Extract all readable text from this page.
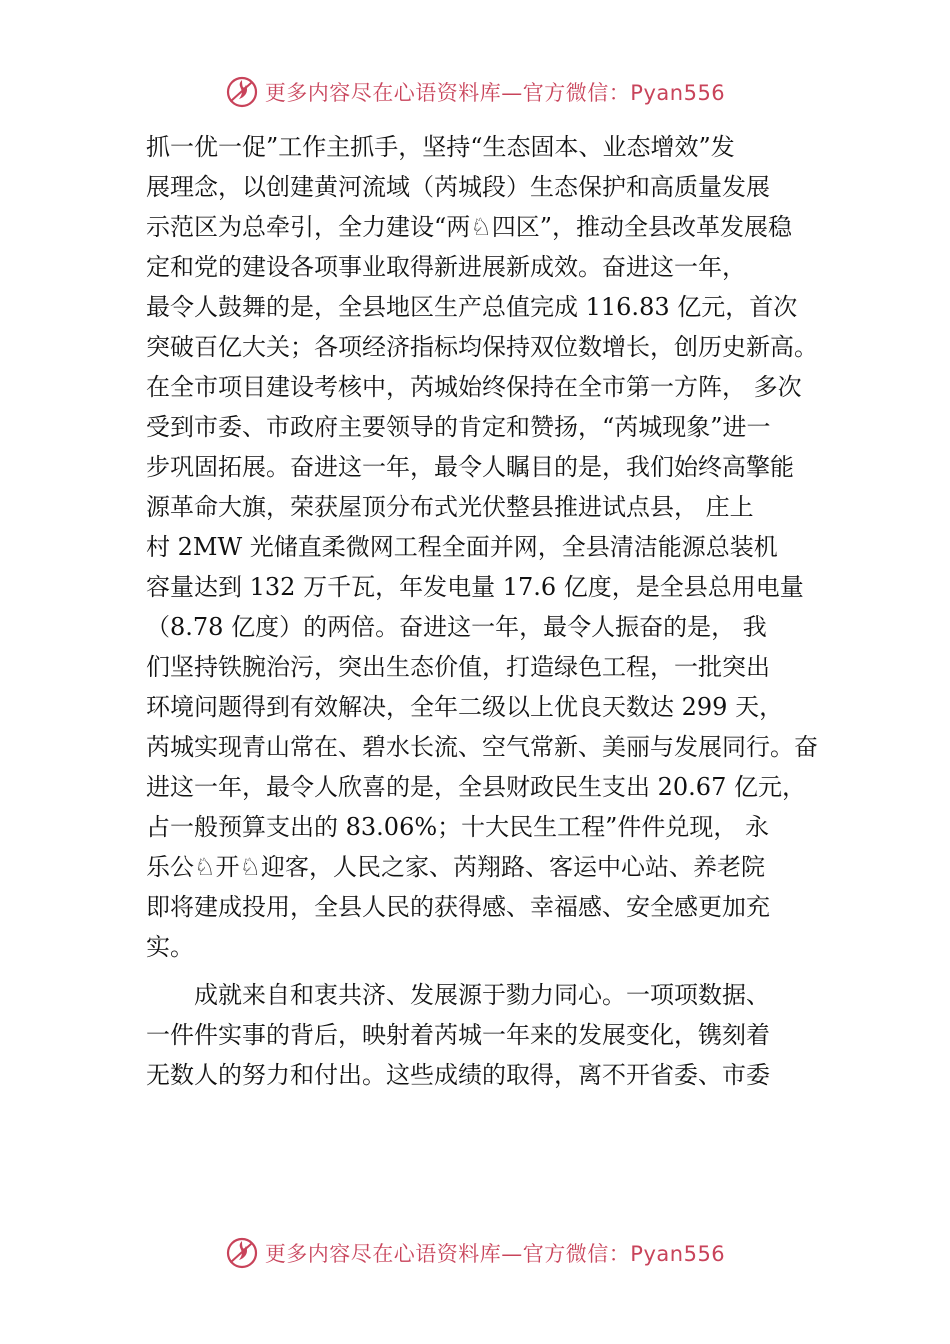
更多内容尽在心语资料库—官方微信：Pyan556
抓一优一促”工作主抓手，坚持“生态固本、业态增效”发
展理念，以创建黄河流域（芮城段）生态保护和高质量发展
示范区为总牵引，全力建设“两♘四区”，推动全县改革发展稳
定和党的建设各项事业取得新进展新成效。奋进这一年，
最令人鼓舞的是，全县地区生产总值完成 116.83 亿元，首次
突破百亿大关；各项经济指标均保持双位数增长，创历史新高。
在全市项目建设考核中，芮城始终保持在全市第一方阵， 多次
受到市委、市政府主要领导的肯定和赞扬，“芮城现象”进一
步巩固拓展。奋进这一年，最令人瞩目的是，我们始终高擎能
源革命大旗，荣获屋顶分布式光伏整县推进试点县， 庄上
村 2MW 光储直柔微网工程全面并网，全县清洁能源总装机
容量达到 132 万千瓦，年发电量 17.6 亿度，是全县总用电量
（8.78 亿度）的两倍。奋进这一年，最令人振奋的是， 我
们坚持铁腕治污，突出生态价值，打造绿色工程，一批突出
环境问题得到有效解决，全年二级以上优良天数达 299 天，
芮城实现青山常在、碧水长流、空气常新、美丽与发展同行。奋
进这一年，最令人欣喜的是，全县财政民生支出 20.67 亿元，
占一般预算支出的 83.06%；十大民生工程”件件兑现， 永
乐公♘开♘迎客，人民之家、芮翔路、客运中心站、养老院
即将建成投用，全县人民的获得感、幸福感、安全感更加充
实。
　　成就来自和衷共济、发展源于勠力同心。一项项数据、
一件件实事的背后，映射着芮城一年来的发展变化，镌刻着
无数人的努力和付出。这些成绩的取得，离不开省委、市委
更多内容尽在心语资料库—官方微信：Pyan556
